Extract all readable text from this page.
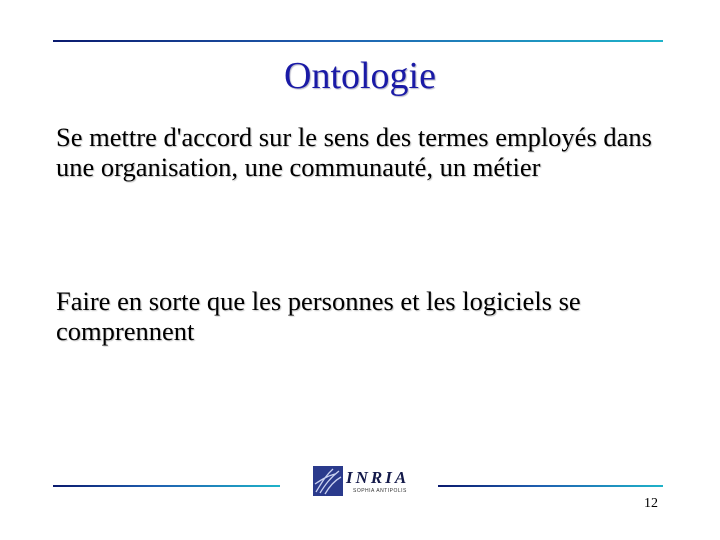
Ontologie

Se mettre d'accord sur le sens des termes employés dans une organisation, une communauté, un métier

Faire en sorte que les personnes et les logiciels se comprennent

INRIA
SOPHIA ANTIPOLIS
12
